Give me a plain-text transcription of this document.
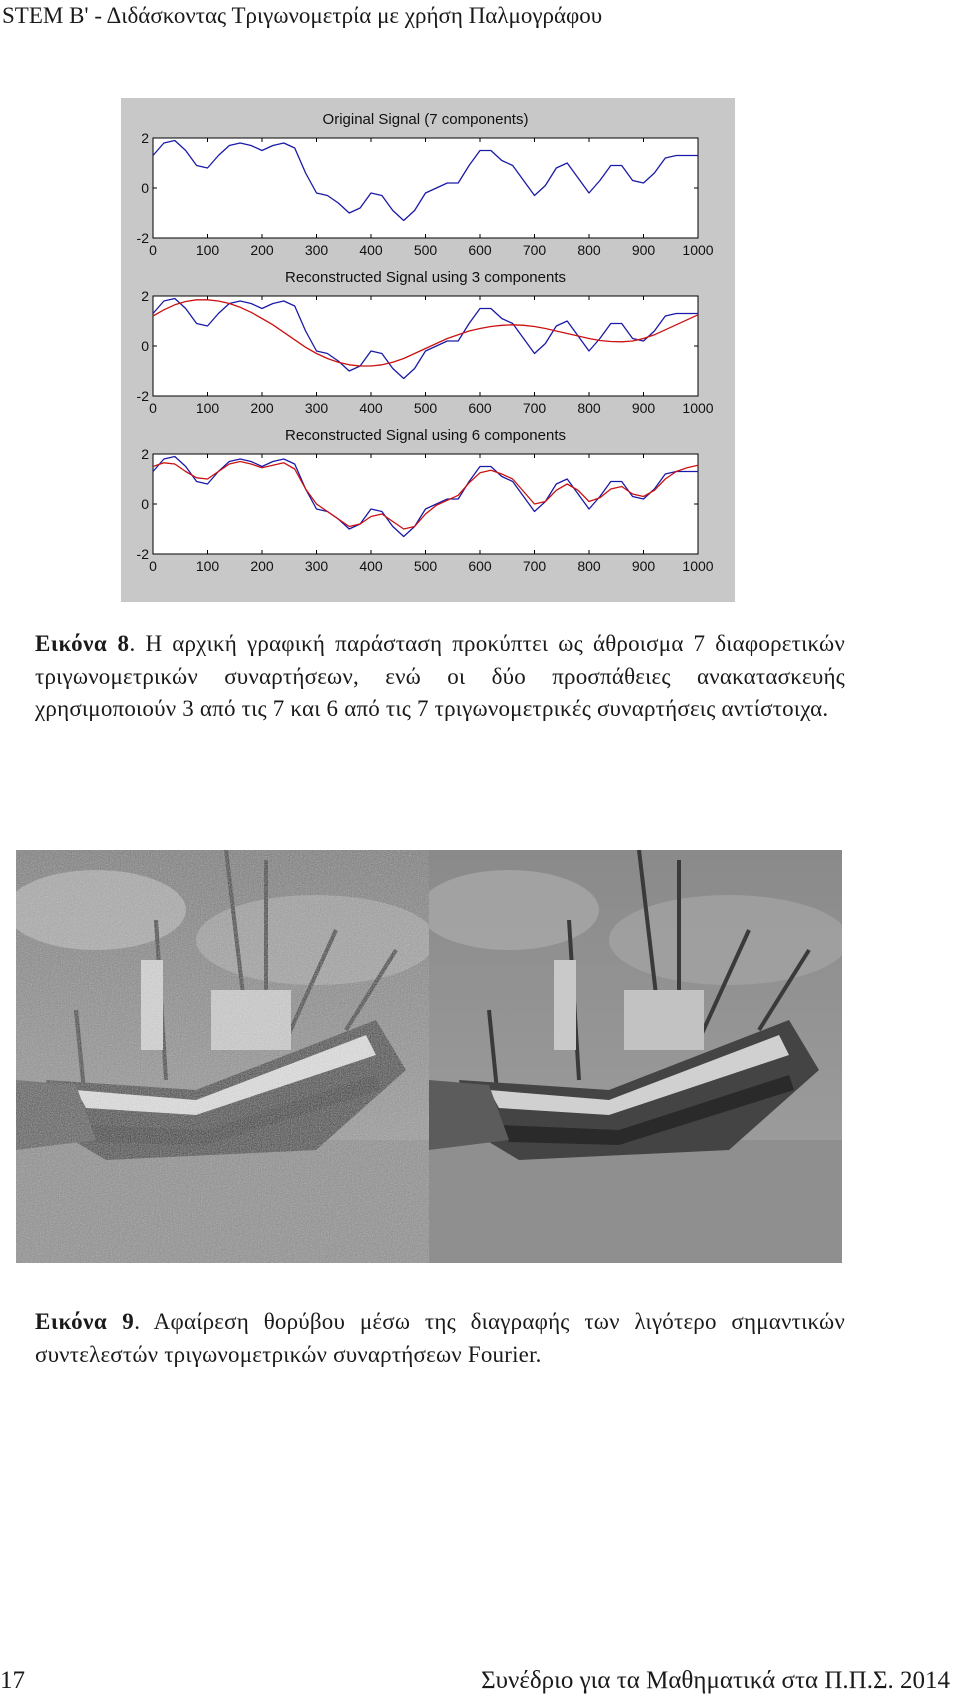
STEM Β' - Διδάσκοντας Τριγωνομετρία με χρήση Παλμογράφου
Original Signal (7 components)
0	100 200 300 400 500 600 700 800 900 1000
-2
0
2
Reconstructed Signal using 3 components
0	100 200 300 400 500 600 700 800 900 1000
-2
0
2
Reconstructed Signal using 6 components
0	100 200 300 400 500 600 700 800 900 1000
-2
0
2
Εικόνα 8. Η αρχική γραφική παράσταση προκύπτει ως άθροισμα 7 διαφορετικών τριγωνομετρικών συναρτήσεων, ενώ οι δύο προσπάθειες ανακατασκευής χρησιμοποιούν 3 από τις 7 και 6 από τις 7 τριγωνομετρικές συναρτήσεις αντίστοιχα.
Εικόνα 9. Αφαίρεση θορύβου μέσω της διαγραφής των λιγότερο σημαντικών συντελεστών τριγωνομετρικών συναρτήσεων Fourier.
17	Συνέδριο για τα Μαθηματικά στα Π.Π.Σ. 2014
